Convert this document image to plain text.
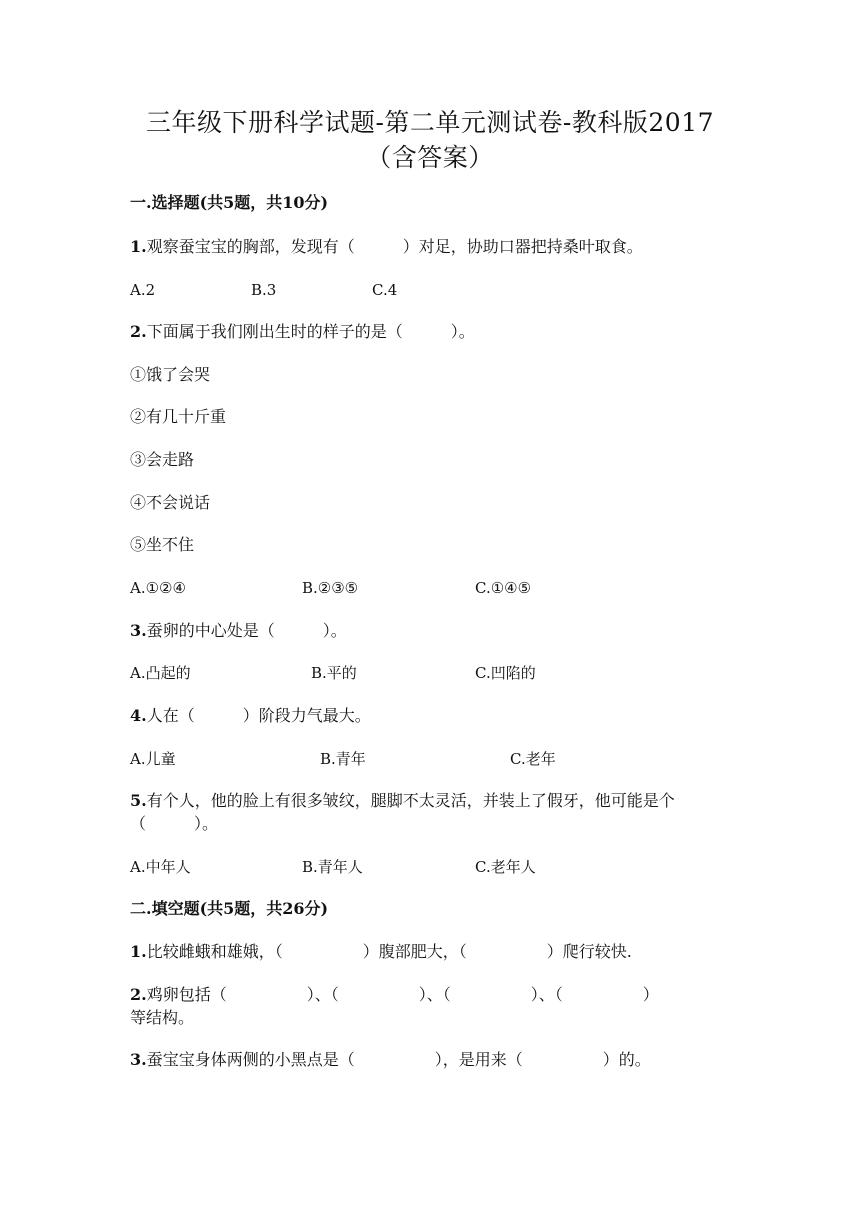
三年级下册科学试题-第二单元测试卷-教科版2017
（含答案）
一.选择题(共5题，共10分)
1.观察蚕宝宝的胸部，发现有（　　　）对足，协助口器把持桑叶取食。
A.2	B.3	C.4
2.下面属于我们刚出生时的样子的是（　　　）。
①饿了会哭
②有几十斤重
③会走路
④不会说话
⑤坐不住
A.①②④	B.②③⑤	C.①④⑤
3.蚕卵的中心处是（　　　）。
A.凸起的	B.平的	C.凹陷的
4.人在（　　　）阶段力气最大。
A.儿童	B.青年	C.老年
5.有个人，他的脸上有很多皱纹，腿脚不太灵活，并装上了假牙，他可能是个
（　　　）。
A.中年人	B.青年人	C.老年人
二.填空题(共5题，共26分)
1.比较雌蛾和雄娥，（　　　　　）腹部肥大，（　　　　　）爬行较快.
2.鸡卵包括（　　　　　）、（　　　　　）、（　　　　　）、（　　　　　）
等结构。
3.蚕宝宝身体两侧的小黑点是（　　　　　），是用来（　　　　　）的。
